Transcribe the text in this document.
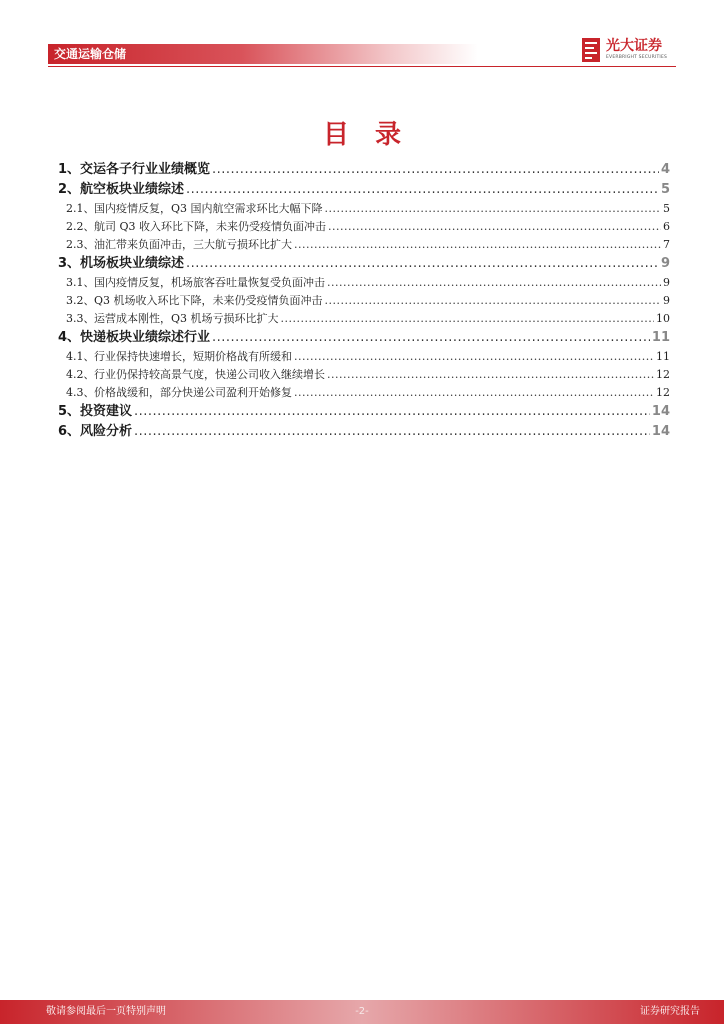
交通运输仓储	光大证券
EVERBRIGHT SECURITIES
目录
1、 交运各子行业业绩概览 .....	4
2、 航空板块业绩综述 .....	5
2.1、 国内疫情反复，Q3 国内航空需求环比大幅下降 .....	5
2.2、 航司 Q3 收入环比下降，未来仍受疫情负面冲击 .....	6
2.3、 油汇带来负面冲击，三大航亏损环比扩大 .....	7
3、 机场板块业绩综述 .....	9
3.1、 国内疫情反复，机场旅客吞吐量恢复受负面冲击 .....	9
3.2、 Q3 机场收入环比下降，未来仍受疫情负面冲击 .....	9
3.3、 运营成本刚性，Q3 机场亏损环比扩大 .....	10
4、 快递板块业绩综述行业 .....	11
4.1、 行业保持快速增长，短期价格战有所缓和 .....	11
4.2、 行业仍保持较高景气度，快递公司收入继续增长 .....	12
4.3、 价格战缓和，部分快递公司盈利开始修复 .....	12
5、 投资建议 .....	14
6、 风险分析 .....	14
敬请参阅最后一页特别声明	-2-	证券研究报告
